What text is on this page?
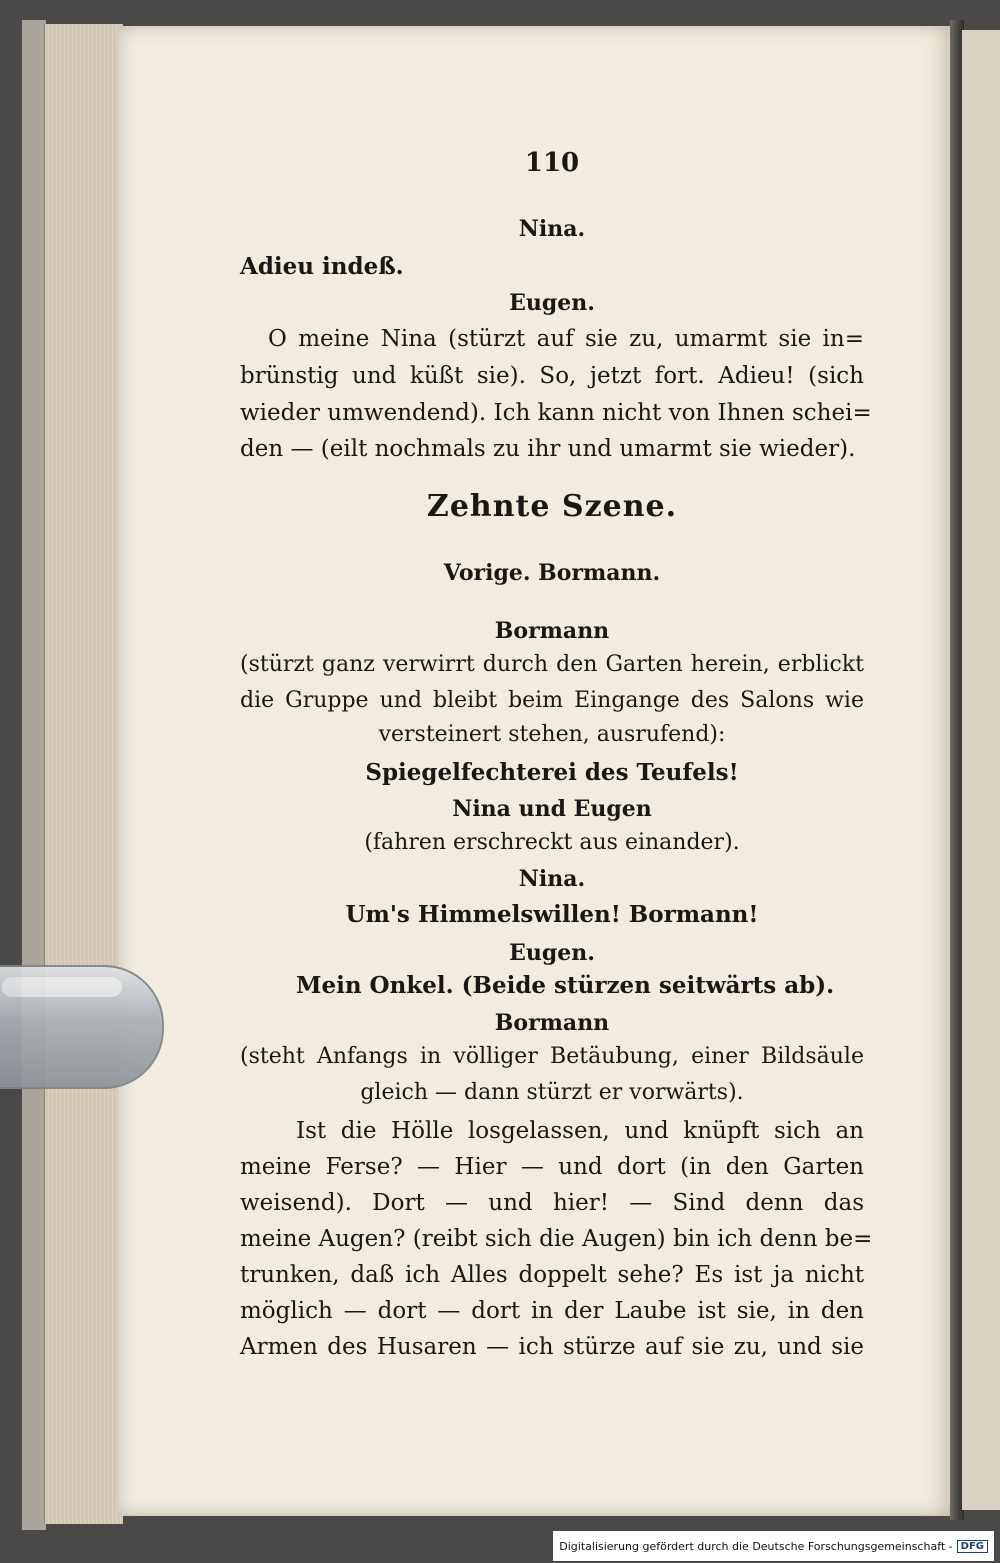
110
Nina.
Adieu indeß.
Eugen.
O meine Nina (stürzt auf sie zu, umarmt sie in=
brünstig und küßt sie). So, jetzt fort. Adieu! (sich
wieder umwendend). Ich kann nicht von Ihnen schei=
den — (eilt nochmals zu ihr und umarmt sie wieder).
Zehnte Szene.
Vorige. Bormann.
Bormann
(stürzt ganz verwirrt durch den Garten herein, erblickt
die Gruppe und bleibt beim Eingange des Salons wie
versteinert stehen, ausrufend):
Spiegelfechterei des Teufels!
Nina und Eugen
(fahren erschreckt aus einander).
Nina.
Um's Himmelswillen! Bormann!
Eugen.
Mein Onkel. (Beide stürzen seitwärts ab).
Bormann
(steht Anfangs in völliger Betäubung, einer Bildsäule
gleich — dann stürzt er vorwärts).
Ist die Hölle losgelassen, und knüpft sich an
meine Ferse? — Hier — und dort (in den Garten
weisend). Dort — und hier! — Sind denn das
meine Augen? (reibt sich die Augen) bin ich denn be=
trunken, daß ich Alles doppelt sehe? Es ist ja nicht
möglich — dort — dort in der Laube ist sie, in den
Armen des Husaren — ich stürze auf sie zu, und sie
Digitalisierung gefördert durch die Deutsche Forschungsgemeinschaft - DFG
